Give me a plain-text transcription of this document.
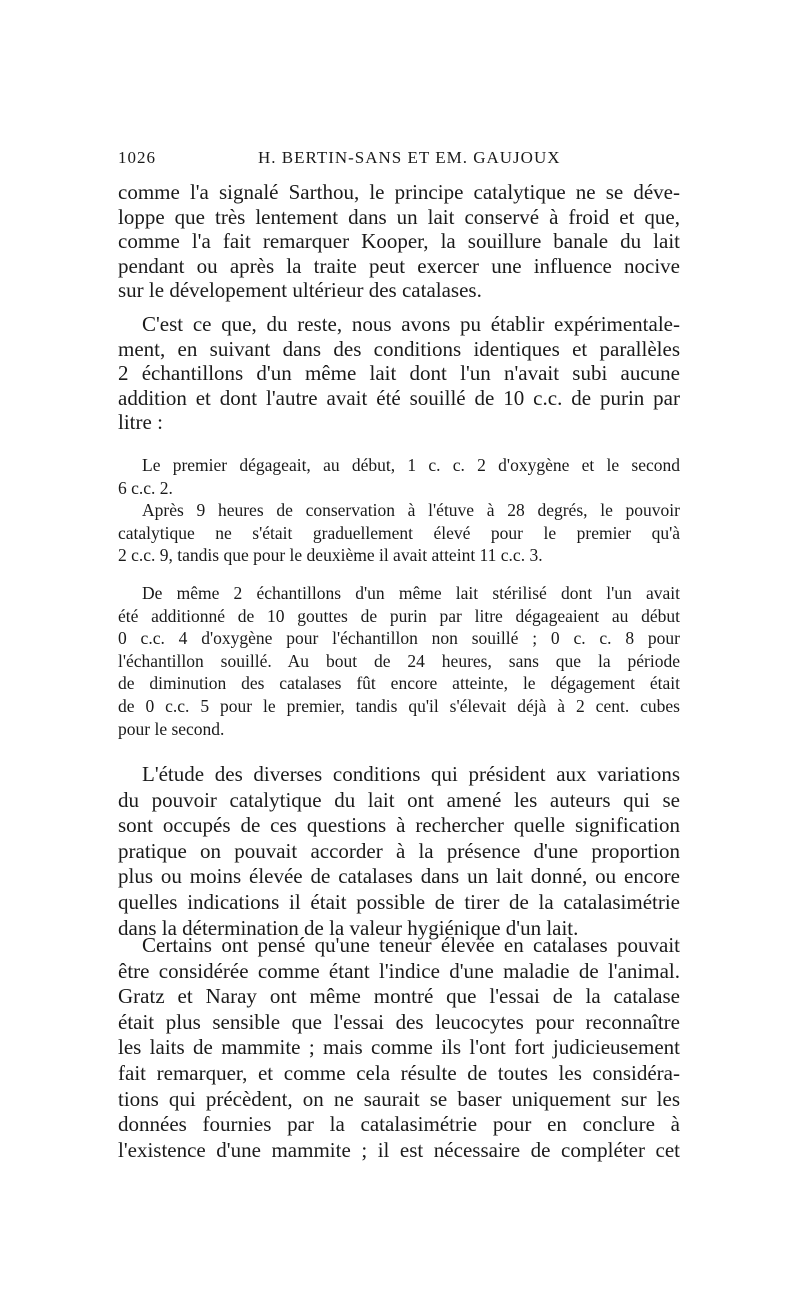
1026	H. BERTIN-SANS ET EM. GAUJOUX
comme l'a signalé Sarthou, le principe catalytique ne se déve-
loppe que très lentement dans un lait conservé à froid et que,
comme l'a fait remarquer Kooper, la souillure banale du lait
pendant ou après la traite peut exercer une influence nocive
sur le dévelopement ultérieur des catalases.
C'est ce que, du reste, nous avons pu établir expérimentale-
ment, en suivant dans des conditions identiques et parallèles
2 échantillons d'un même lait dont l'un n'avait subi aucune
addition et dont l'autre avait été souillé de 10 c.c. de purin par
litre :
Le premier dégageait, au début, 1 c. c. 2 d'oxygène et le second
6 c.c. 2.
Après 9 heures de conservation à l'étuve à 28 degrés, le pouvoir
catalytique ne s'était graduellement élevé pour le premier qu'à
2 c.c. 9, tandis que pour le deuxième il avait atteint 11 c.c. 3.
De même 2 échantillons d'un même lait stérilisé dont l'un avait
été additionné de 10 gouttes de purin par litre dégageaient au début
0 c.c. 4 d'oxygène pour l'échantillon non souillé ; 0 c. c. 8 pour
l'échantillon souillé. Au bout de 24 heures, sans que la période
de diminution des catalases fût encore atteinte, le dégagement était
de 0 c.c. 5 pour le premier, tandis qu'il s'élevait déjà à 2 cent. cubes
pour le second.
L'étude des diverses conditions qui président aux variations
du pouvoir catalytique du lait ont amené les auteurs qui se
sont occupés de ces questions à rechercher quelle signification
pratique on pouvait accorder à la présence d'une proportion
plus ou moins élevée de catalases dans un lait donné, ou encore
quelles indications il était possible de tirer de la catalasimétrie
dans la détermination de la valeur hygiénique d'un lait.
Certains ont pensé qu'une teneur élevée en catalases pouvait
être considérée comme étant l'indice d'une maladie de l'animal.
Gratz et Naray ont même montré que l'essai de la catalase
était plus sensible que l'essai des leucocytes pour reconnaître
les laits de mammite ; mais comme ils l'ont fort judicieusement
fait remarquer, et comme cela résulte de toutes les considéra-
tions qui précèdent, on ne saurait se baser uniquement sur les
données fournies par la catalasimétrie pour en conclure à
l'existence d'une mammite ; il est nécessaire de compléter cet
